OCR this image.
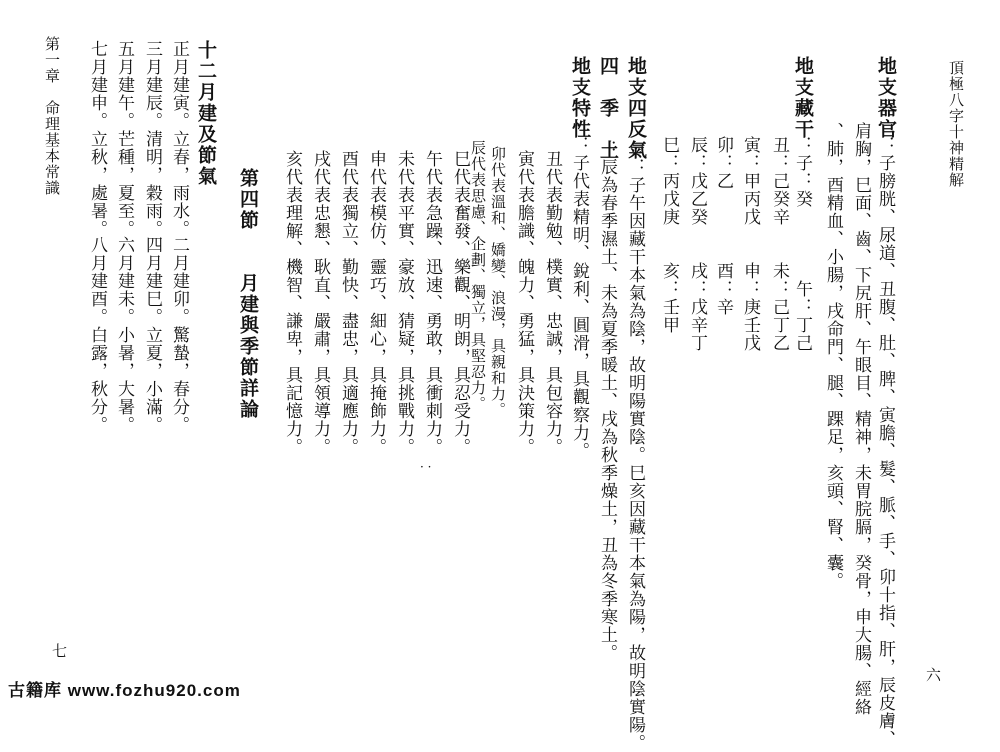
頂極八字十神精解
地支器官
：子膀胱、尿道、丑腹、肚、脾、寅膽、髮、脈、手、卯十指、肝，辰皮膚、
肩胸，巳面、齒、下尻肝、午眼目、精神，未胃脘膈，癸骨，申大腸、經絡
、肺，酉精血、小腸，戌命門、腿、踝足，亥頭、腎、囊。
地支藏干
：子：癸　　　　午：丁己
丑：己癸辛　　未：己丁乙
寅：甲丙戊　　申：庚壬戊
卯：乙　　　　酉：辛
辰：戊乙癸　　戌：戊辛丁
巳：丙戊庚　　亥：壬甲
地支四反氣
：子午因藏干本氣為陰，故明陽實陰。巳亥因藏干本氣為陽，故明陰實陽。
四　季　土
：辰為春季濕土、未為夏季暖土、戌為秋季燥土，丑為冬季寒土。
地支特性
：子代表精明、銳利、圓滑，具觀察力。
丑代表勤勉、樸實、忠誠，具包容力。
寅代表膽識、魄力、勇猛，具決策力。
卯代表溫和、嬌變、浪漫，具親和力。
辰代表思慮、企劃、獨立，具堅忍力。
巳代表奮發、樂觀、明朗，具忍受力。
午代表急躁、迅速、勇敢，具衝刺力。
未代表平實、豪放、猜疑，具挑戰力。
申代表模仿、靈巧、細心，具掩飾力。
酉代表獨立、勤快、盡忠，具適應力。
戌代表忠懇、耿直、嚴肅，具領導力。
亥代表理解、機智、謙卑，具記憶力。
· ·
六
第四節　　月建與季節詳論
十二月建及節氣
正月建寅。立春，雨水。
二月建卯。驚蟄，春分。
三月建辰。清明，穀雨。
四月建巳。立夏，小滿。
五月建午。芒種，夏至。
六月建未。小暑，大暑。
七月建申。立秋，處暑。
八月建酉。白露，秋分。
第一章　命理基本常識
七
古籍库 www.fozhu920.com
